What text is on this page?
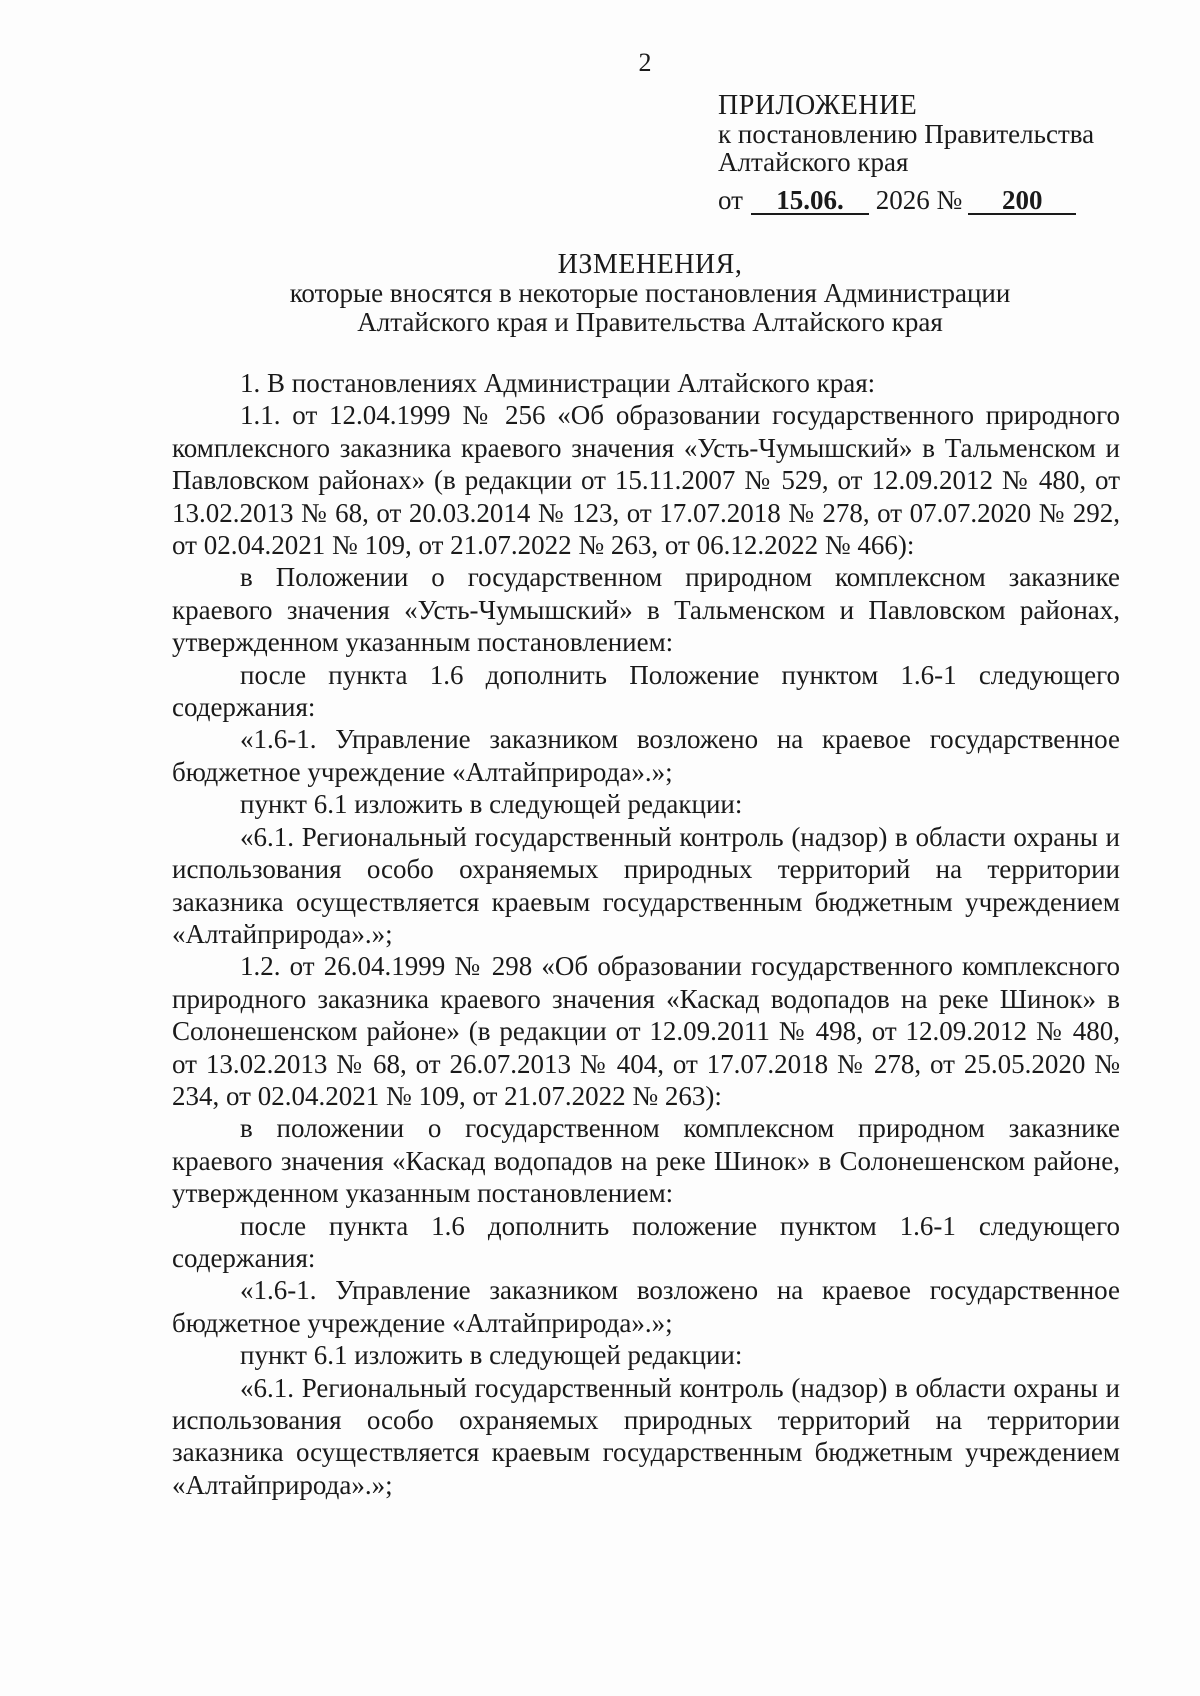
2
ПРИЛОЖЕНИЕ
к постановлению Правительства
Алтайского края
от 15.06. 2026 № 200
ИЗМЕНЕНИЯ,
которые вносятся в некоторые постановления Администрации
Алтайского края и Правительства Алтайского края

1. В постановлениях Администрации Алтайского края:

1.1. от 12.04.1999 № 256 «Об образовании государственного природного комплексного заказника краевого значения «Усть-Чумышский» в Тальменском и Павловском районах» (в редакции от 15.11.2007 № 529, от 12.09.2012 № 480, от 13.02.2013 № 68, от 20.03.2014 № 123, от 17.07.2018 № 278, от 07.07.2020 № 292, от 02.04.2021 № 109, от 21.07.2022 № 263, от 06.12.2022 № 466):

в Положении о государственном природном комплексном заказнике краевого значения «Усть-Чумышский» в Тальменском и Павловском районах, утвержденном указанным постановлением:

после пункта 1.6 дополнить Положение пунктом 1.6-1 следующего содержания:

«1.6-1. Управление заказником возложено на краевое государственное бюджетное учреждение «Алтайприрода».»;

пункт 6.1 изложить в следующей редакции:

«6.1. Региональный государственный контроль (надзор) в области охраны и использования особо охраняемых природных территорий на территории заказника осуществляется краевым государственным бюджетным учреждением «Алтайприрода».»;

1.2. от 26.04.1999 № 298 «Об образовании государственного комплексного природного заказника краевого значения «Каскад водопадов на реке Шинок» в Солонешенском районе» (в редакции от 12.09.2011 № 498, от 12.09.2012 № 480, от 13.02.2013 № 68, от 26.07.2013 № 404, от 17.07.2018 № 278, от 25.05.2020 № 234, от 02.04.2021 № 109, от 21.07.2022 № 263):

в положении о государственном комплексном природном заказнике краевого значения «Каскад водопадов на реке Шинок» в Солонешенском районе, утвержденном указанным постановлением:

после пункта 1.6 дополнить положение пунктом 1.6-1 следующего содержания:

«1.6-1. Управление заказником возложено на краевое государственное бюджетное учреждение «Алтайприрода».»;

пункт 6.1 изложить в следующей редакции:

«6.1. Региональный государственный контроль (надзор) в области охраны и использования особо охраняемых природных территорий на территории заказника осуществляется краевым государственным бюджетным учреждением «Алтайприрода».»;
